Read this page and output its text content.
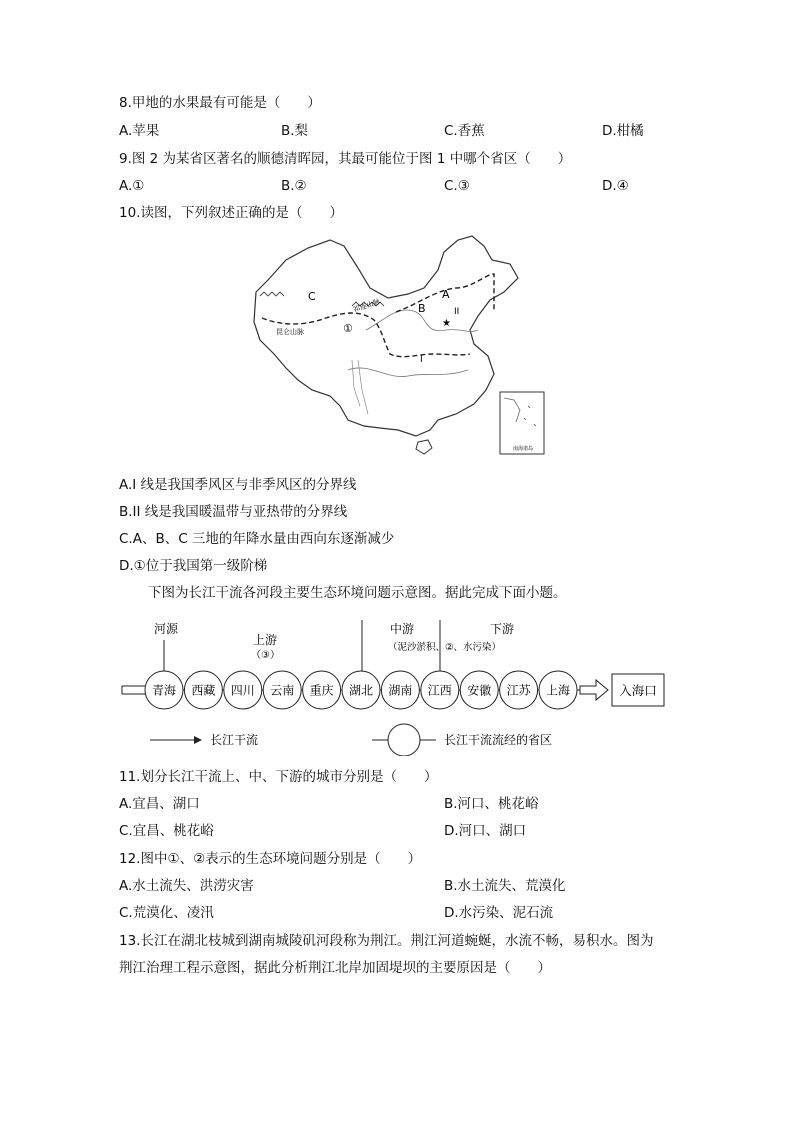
8.甲地的水果最有可能是（　　）
A.苹果	B.梨	C.香蕉	D.柑橘
9.图 2 为某省区著名的顺德清晖园，其最可能位于图 1 中哪个省区（　　）
A.①	B.②	C.③	D.④
10.读图，下列叙述正确的是（　　）
★
C
B
A
①
II
I
祁连山脉
昆仑山脉
南海诸岛
A.I 线是我国季风区与非季风区的分界线
B.II 线是我国暖温带与亚热带的分界线
C.A、B、C 三地的年降水量由西向东逐渐减少
D.①位于我国第一级阶梯
下图为长江干流各河段主要生态环境问题示意图。据此完成下面小题。
河源
上游
（③）
中游
（泥沙淤积、②、水污染）
下游
青海 西藏 四川 云南 重庆 湖北 湖南 江西 安徽 江苏 上海	入海口
长江干流	长江干流流经的省区
11.划分长江干流上、中、下游的城市分别是（　　）
A.宜昌、湖口	B.河口、桃花峪
C.宜昌、桃花峪	D.河口、湖口
12.图中①、②表示的生态环境问题分别是（　　）
A.水土流失、洪涝灾害	B.水土流失、荒漠化
C.荒漠化、凌汛	D.水污染、泥石流
13.长江在湖北枝城到湖南城陵矶河段称为荆江。荆江河道蜿蜒，水流不畅，易积水。图为
荆江治理工程示意图，据此分析荆江北岸加固堤坝的主要原因是（　　）
